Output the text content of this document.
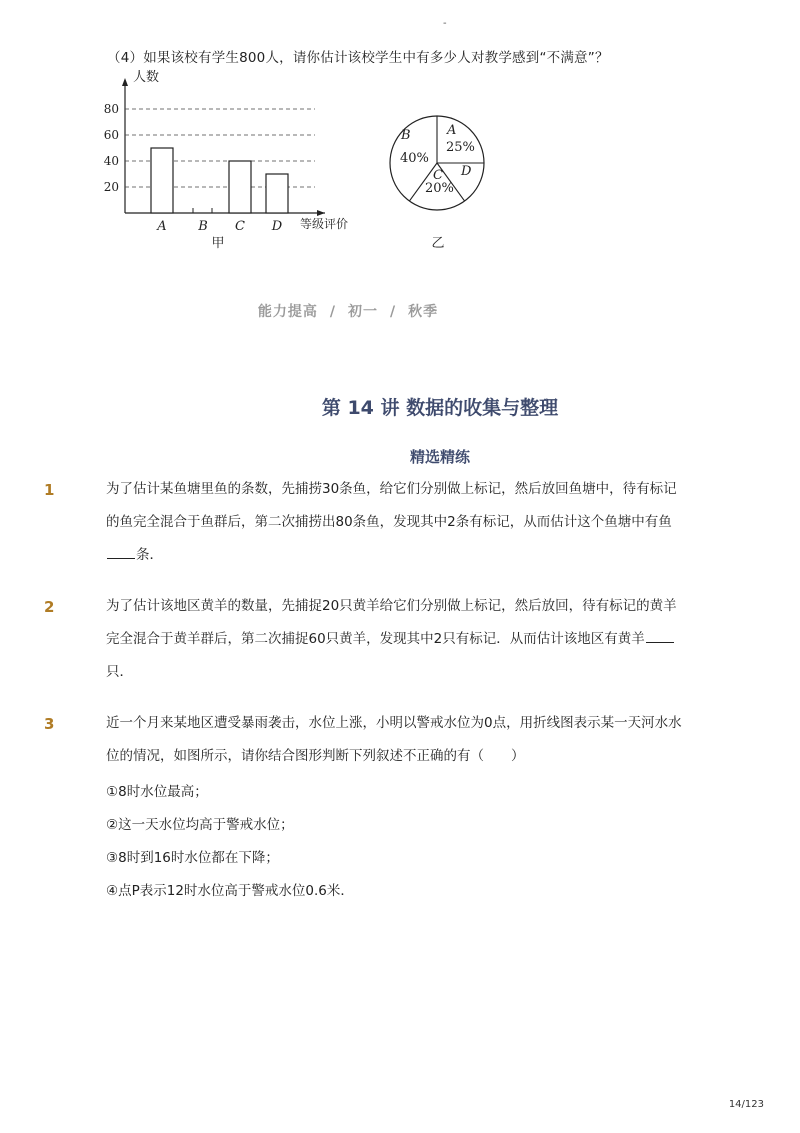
-
（4）如果该校有学生800人，请你估计该校学生中有多少人对教学感到“不满意”？
人数
等级评价
20
40
60
80
A B C D
甲
A
25%
B
40%
C
20%
D
乙
能力提高 / 初一 / 秋季
第 14 讲 数据的收集与整理
精选精练
1	为了估计某鱼塘里鱼的条数，先捕捞30条鱼，给它们分别做上标记，然后放回鱼塘中，待有标记
的鱼完全混合于鱼群后，第二次捕捞出80条鱼，发现其中2条有标记，从而估计这个鱼塘中有鱼
条．
2	为了估计该地区黄羊的数量，先捕捉20只黄羊给它们分别做上标记，然后放回，待有标记的黄羊
完全混合于黄羊群后，第二次捕捉60只黄羊，发现其中2只有标记．从而估计该地区有黄羊
只．
3	近一个月来某地区遭受暴雨袭击，水位上涨，小明以警戒水位为0点，用折线图表示某一天河水水
位的情况，如图所示，请你结合图形判断下列叙述不正确的有（　　）
①8时水位最高；
②这一天水位均高于警戒水位；
③8时到16时水位都在下降；
④点P表示12时水位高于警戒水位0.6米．
14/123
